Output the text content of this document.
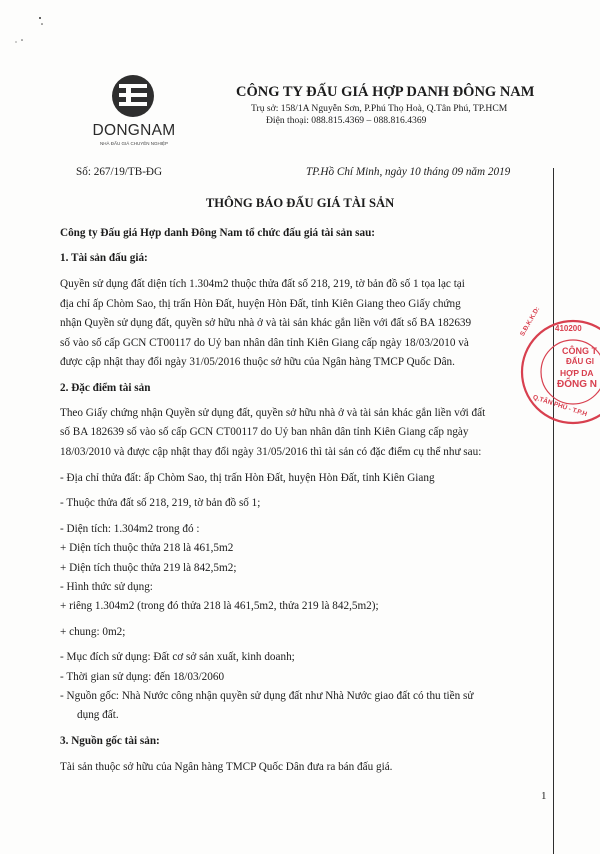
DONGNAM
NHÀ ĐẤU GIÁ CHUYÊN NGHIỆP
CÔNG TY ĐẤU GIÁ HỢP DANH ĐÔNG NAM
Trụ sở: 158/1A Nguyễn Sơn, P.Phú Thọ Hoà, Q.Tân Phú, TP.HCM
Điện thoại: 088.815.4369 – 088.816.4369
Số: 267/19/TB-ĐG	TP.Hồ Chí Minh, ngày 10 tháng 09 năm 2019
THÔNG BÁO ĐẤU GIÁ TÀI SẢN
Công ty Đấu giá Hợp danh Đông Nam tổ chức đấu giá tài sản sau:
1. Tài sản đấu giá:
Quyền sử dụng đất diện tích 1.304m2 thuộc thửa đất số 218, 219, tờ bản đồ số 1 tọa lạc tại
địa chỉ ấp Chòm Sao, thị trấn Hòn Đất, huyện Hòn Đất, tỉnh Kiên Giang theo Giấy chứng
nhận Quyền sử dụng đất, quyền sở hữu nhà ở và tài sản khác gắn liền với đất số BA 182639
số vào số cấp GCN CT00117 do Uỷ ban nhân dân tỉnh Kiên Giang cấp ngày 18/03/2010 và
được cập nhật thay đổi ngày 31/05/2016 thuộc sở hữu của Ngân hàng TMCP Quốc Dân.
2. Đặc điểm tài sản
Theo Giấy chứng nhận Quyền sử dụng đất, quyền sở hữu nhà ở và tài sản khác gắn liền với đất
số BA 182639 số vào số cấp GCN CT00117 do Uỷ ban nhân dân tỉnh Kiên Giang cấp ngày
18/03/2010 và được cập nhật thay đổi ngày 31/05/2016 thì tài sản có đặc điểm cụ thể như sau:
- Địa chỉ thửa đất: ấp Chòm Sao, thị trấn Hòn Đất, huyện Hòn Đất, tỉnh Kiên Giang
- Thuộc thửa đất số 218, 219, tờ bản đồ số 1;
- Diện tích: 1.304m2 trong đó :
+ Diện tích thuộc thửa 218 là 461,5m2
+ Diện tích thuộc thửa 219 là 842,5m2;
- Hình thức sử dụng:
+ riêng 1.304m2 (trong đó thửa 218 là 461,5m2, thửa 219 là 842,5m2);
+ chung: 0m2;
- Mục đích sử dụng: Đất cơ sở sản xuất, kinh doanh;
- Thời gian sử dụng: đến 18/03/2060
- Nguồn gốc: Nhà Nước công nhận quyền sử dụng đất như Nhà Nước giao đất có thu tiền sử
dụng đất.
3. Nguồn gốc tài sản:
Tài sản thuộc sở hữu của Ngân hàng TMCP Quốc Dân đưa ra bán đấu giá.
1
410200
S.Đ.K.K.D:
CÔNG T
ĐẤU GI
HỢP DA
ĐÔNG N
Q.TÂN PHÚ - T.P.H
